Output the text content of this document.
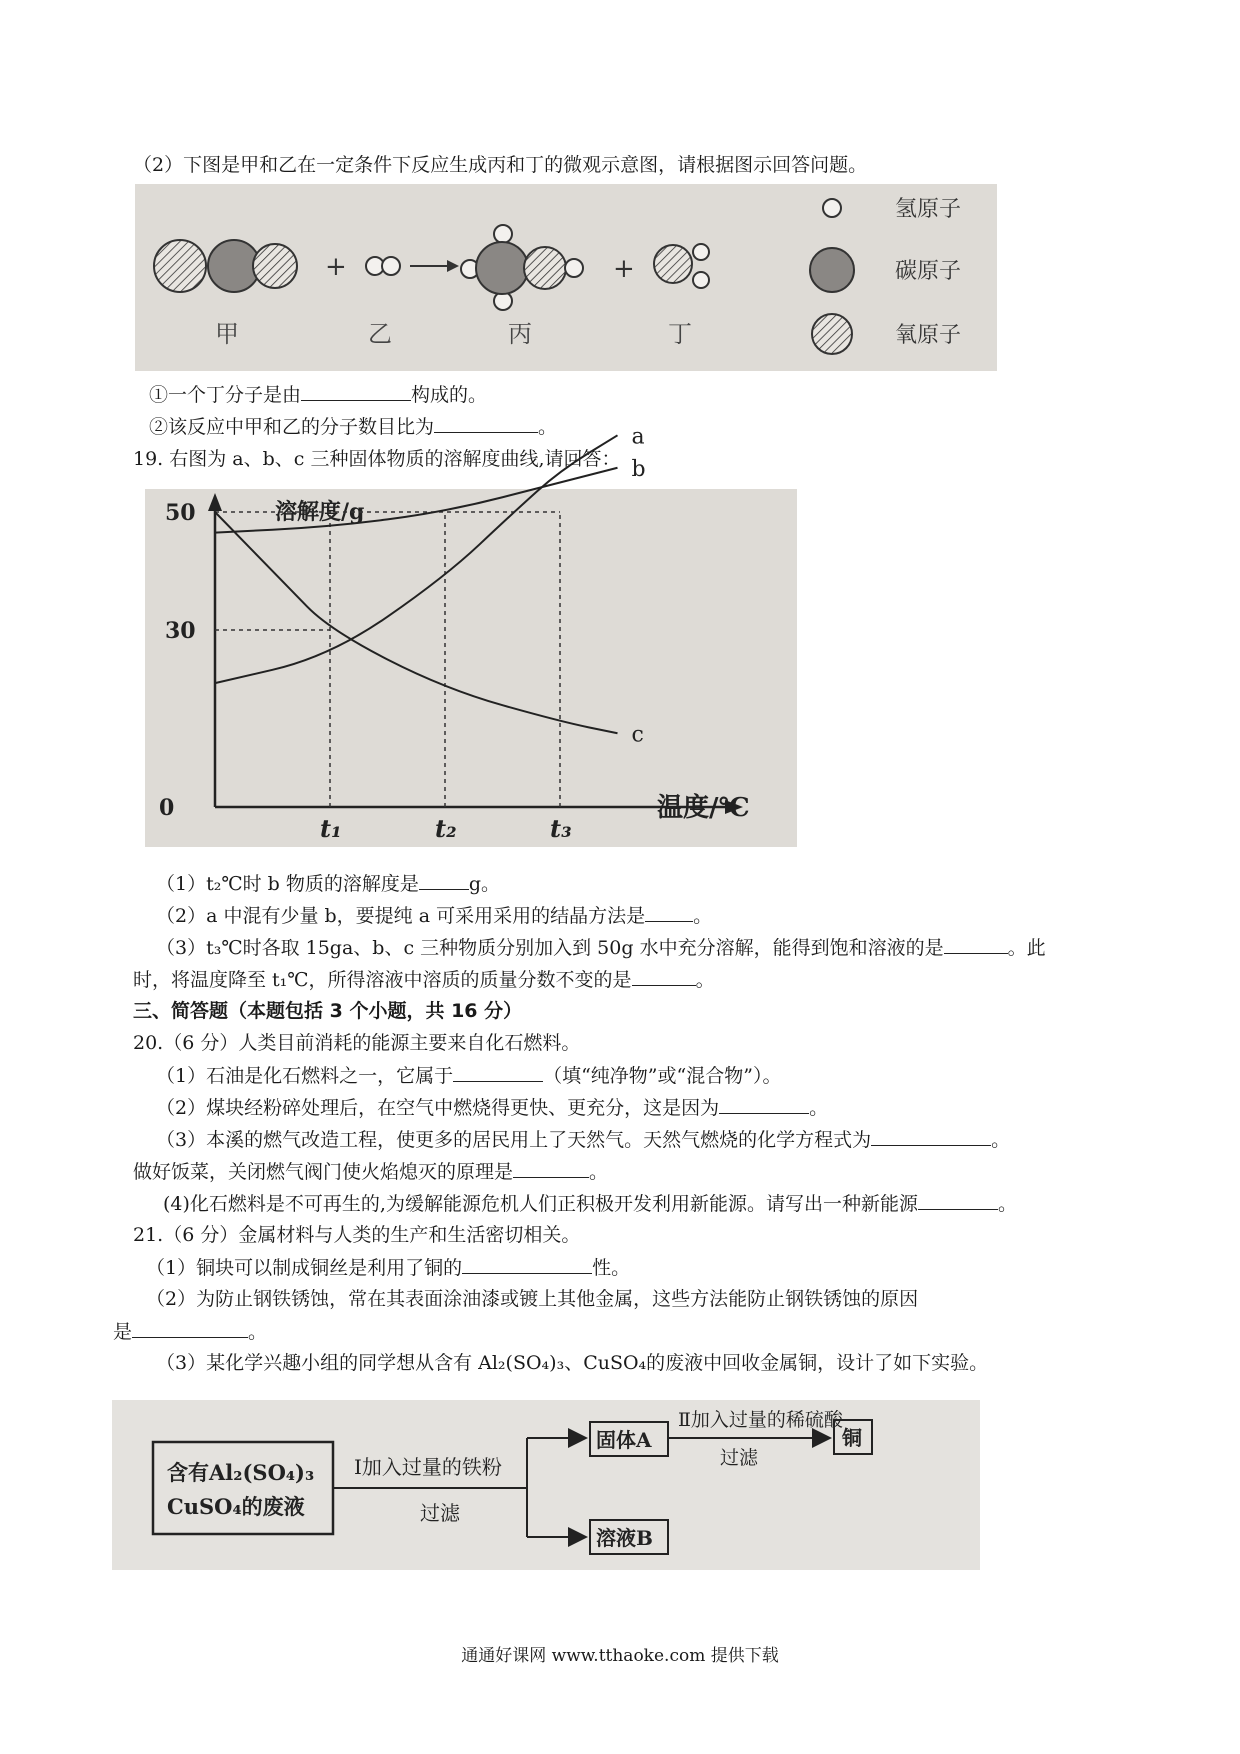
（2）下图是甲和乙在一定条件下反应生成丙和丁的微观示意图，请根据图示回答问题。
+	+
甲	乙	丙	丁
氢原子
碳原子
氧原子
①一个丁分子是由	构成的。
②该反应中甲和乙的分子数目比为	。
19. 右图为 a、b、c 三种固体物质的溶解度曲线,请回答：
溶解度/g
温度/℃
0
50
30
t₁	t₂	t₃
a
b
c
（1）t₂℃时 b 物质的溶解度是	g。
（2）a 中混有少量 b，要提纯 a 可采用采用的结晶方法是	。
（3）t₃℃时各取 15ga、b、c 三种物质分别加入到 50g 水中充分溶解，能得到饱和溶液的是	。此
时，将温度降至 t₁℃，所得溶液中溶质的质量分数不变的是	。
三、简答题（本题包括 3 个小题，共 16 分）
20.（6 分）人类目前消耗的能源主要来自化石燃料。
（1）石油是化石燃料之一，它属于	（填“纯净物”或“混合物”）。
（2）煤块经粉碎处理后，在空气中燃烧得更快、更充分，这是因为	。
（3）本溪的燃气改造工程，使更多的居民用上了天然气。天然气燃烧的化学方程式为	。
做好饭菜，关闭燃气阀门使火焰熄灭的原理是	。
(4)化石燃料是不可再生的,为缓解能源危机人们正积极开发利用新能源。请写出一种新能源	。
21.（6 分）金属材料与人类的生产和生活密切相关。
（1）铜块可以制成铜丝是利用了铜的	性。
（2）为防止钢铁锈蚀，常在其表面涂油漆或镀上其他金属，这些方法能防止钢铁锈蚀的原因
是	。
（3）某化学兴趣小组的同学想从含有 Al₂(SO₄)₃、CuSO₄的废液中回收金属铜，设计了如下实验。
含有Al₂(SO₄)₃
CuSO₄的废液
Ⅰ加入过量的铁粉
过滤
固体A
溶液B
Ⅱ加入过量的稀硫酸
过滤
铜
通通好课网 www.tthaoke.com 提供下载
